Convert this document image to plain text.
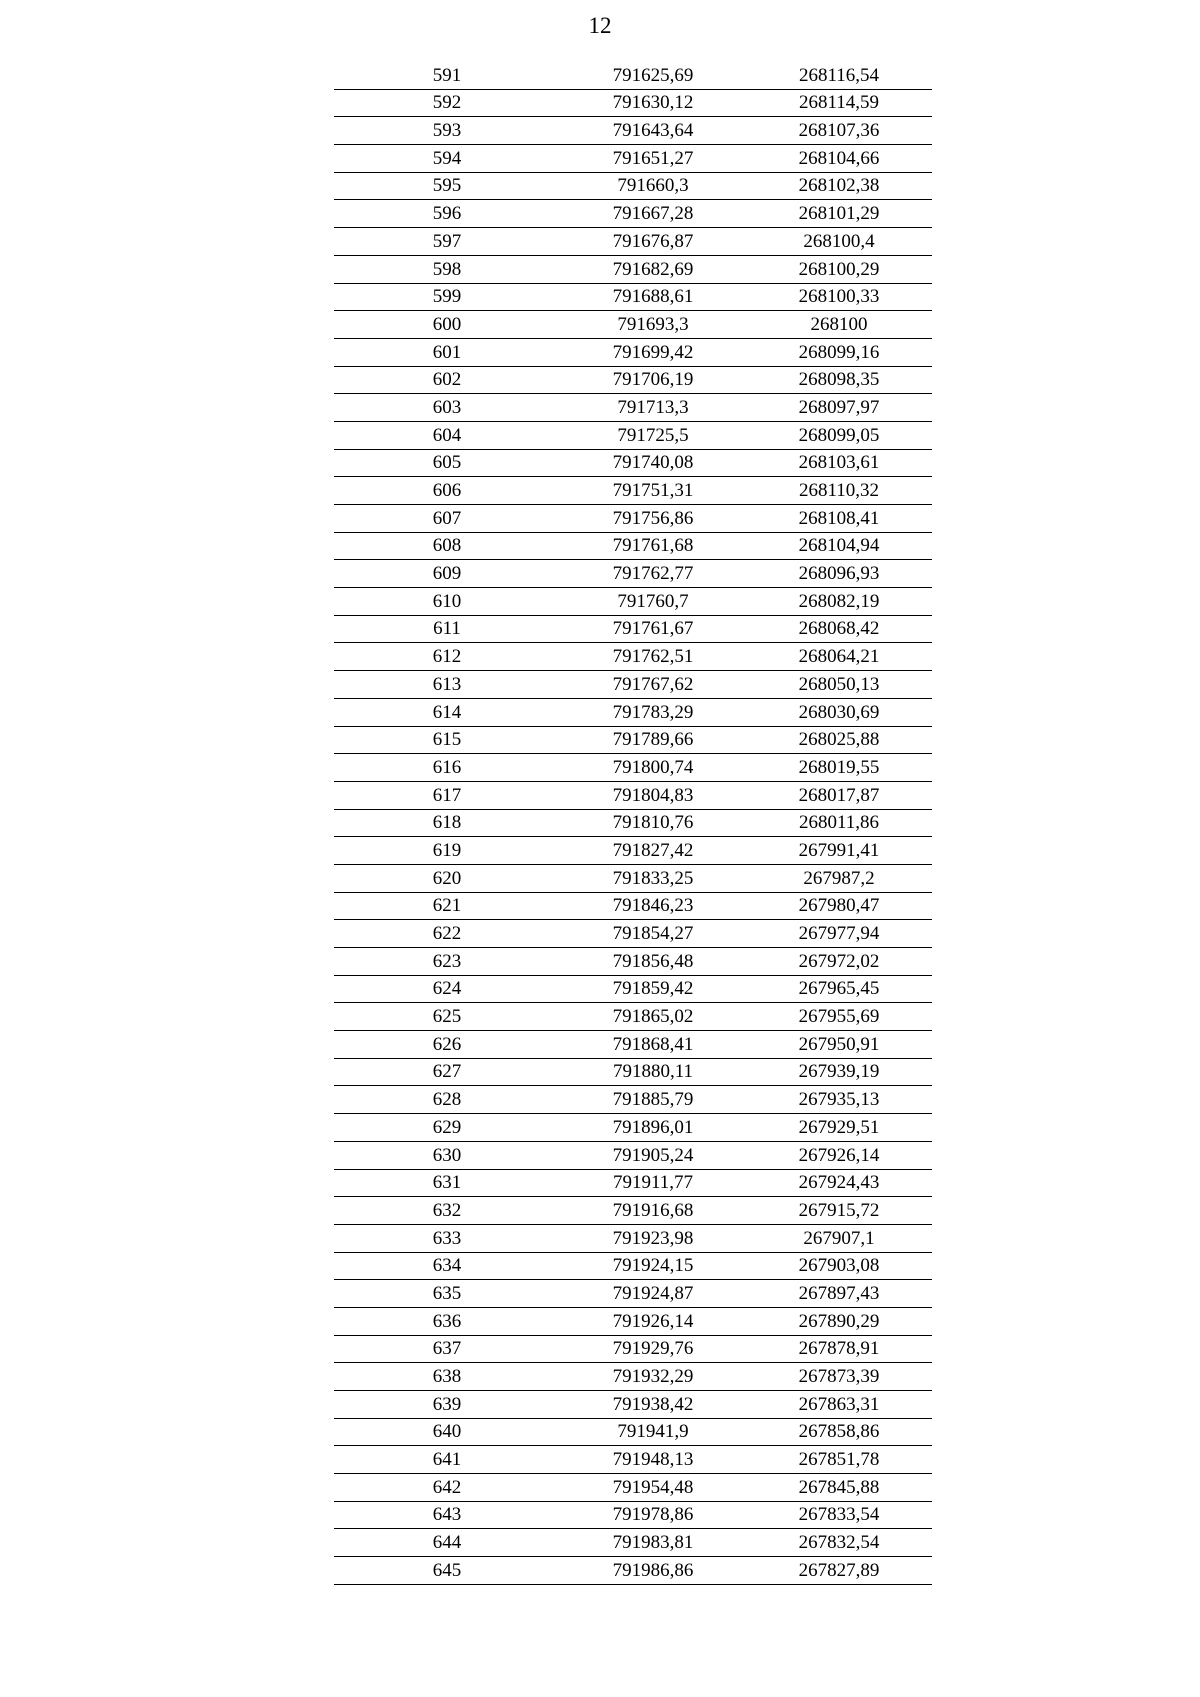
12
591	791625,69	268116,54
592	791630,12	268114,59
593	791643,64	268107,36
594	791651,27	268104,66
595	791660,3	268102,38
596	791667,28	268101,29
597	791676,87	268100,4
598	791682,69	268100,29
599	791688,61	268100,33
600	791693,3	268100
601	791699,42	268099,16
602	791706,19	268098,35
603	791713,3	268097,97
604	791725,5	268099,05
605	791740,08	268103,61
606	791751,31	268110,32
607	791756,86	268108,41
608	791761,68	268104,94
609	791762,77	268096,93
610	791760,7	268082,19
611	791761,67	268068,42
612	791762,51	268064,21
613	791767,62	268050,13
614	791783,29	268030,69
615	791789,66	268025,88
616	791800,74	268019,55
617	791804,83	268017,87
618	791810,76	268011,86
619	791827,42	267991,41
620	791833,25	267987,2
621	791846,23	267980,47
622	791854,27	267977,94
623	791856,48	267972,02
624	791859,42	267965,45
625	791865,02	267955,69
626	791868,41	267950,91
627	791880,11	267939,19
628	791885,79	267935,13
629	791896,01	267929,51
630	791905,24	267926,14
631	791911,77	267924,43
632	791916,68	267915,72
633	791923,98	267907,1
634	791924,15	267903,08
635	791924,87	267897,43
636	791926,14	267890,29
637	791929,76	267878,91
638	791932,29	267873,39
639	791938,42	267863,31
640	791941,9	267858,86
641	791948,13	267851,78
642	791954,48	267845,88
643	791978,86	267833,54
644	791983,81	267832,54
645	791986,86	267827,89
